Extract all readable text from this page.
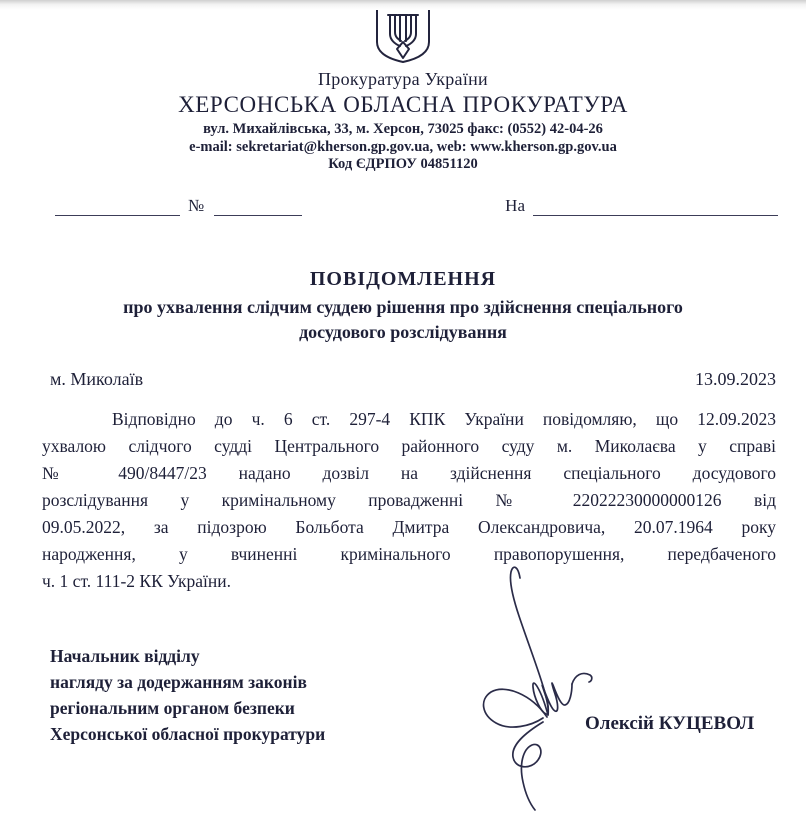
Прокуратура України
ХЕРСОНСЬКА ОБЛАСНА ПРОКУРАТУРА
вул. Михайлівська, 33, м. Херсон, 73025 факс: (0552) 42-04-26
e-mail: sekretariat@kherson.gp.gov.ua, web: www.kherson.gp.gov.ua
Код ЄДРПОУ 04851120
№	На
ПОВІДОМЛЕННЯ
про ухвалення слідчим суддею рішення про здійснення спеціального
досудового розслідування
м. Миколаїв	13.09.2023
Відповідно до ч. 6 ст. 297-4 КПК України повідомляю, що 12.09.2023
ухвалою слідчого судді Центрального районного суду м. Миколаєва у справі
№ 490/8447/23 надано дозвіл на здійснення спеціального досудового
розслідування у кримінальному провадженні № 22022230000000126 від
09.05.2022, за підозрою Больбота Дмитра Олександровича, 20.07.1964 року
народження, у вчиненні кримінального правопорушення, передбаченого
ч. 1 ст. 111-2 КК України.
Начальник відділу
нагляду за додержанням законів
регіональним органом безпеки
Херсонської обласної прокуратури	Олексій КУЦЕВОЛ
